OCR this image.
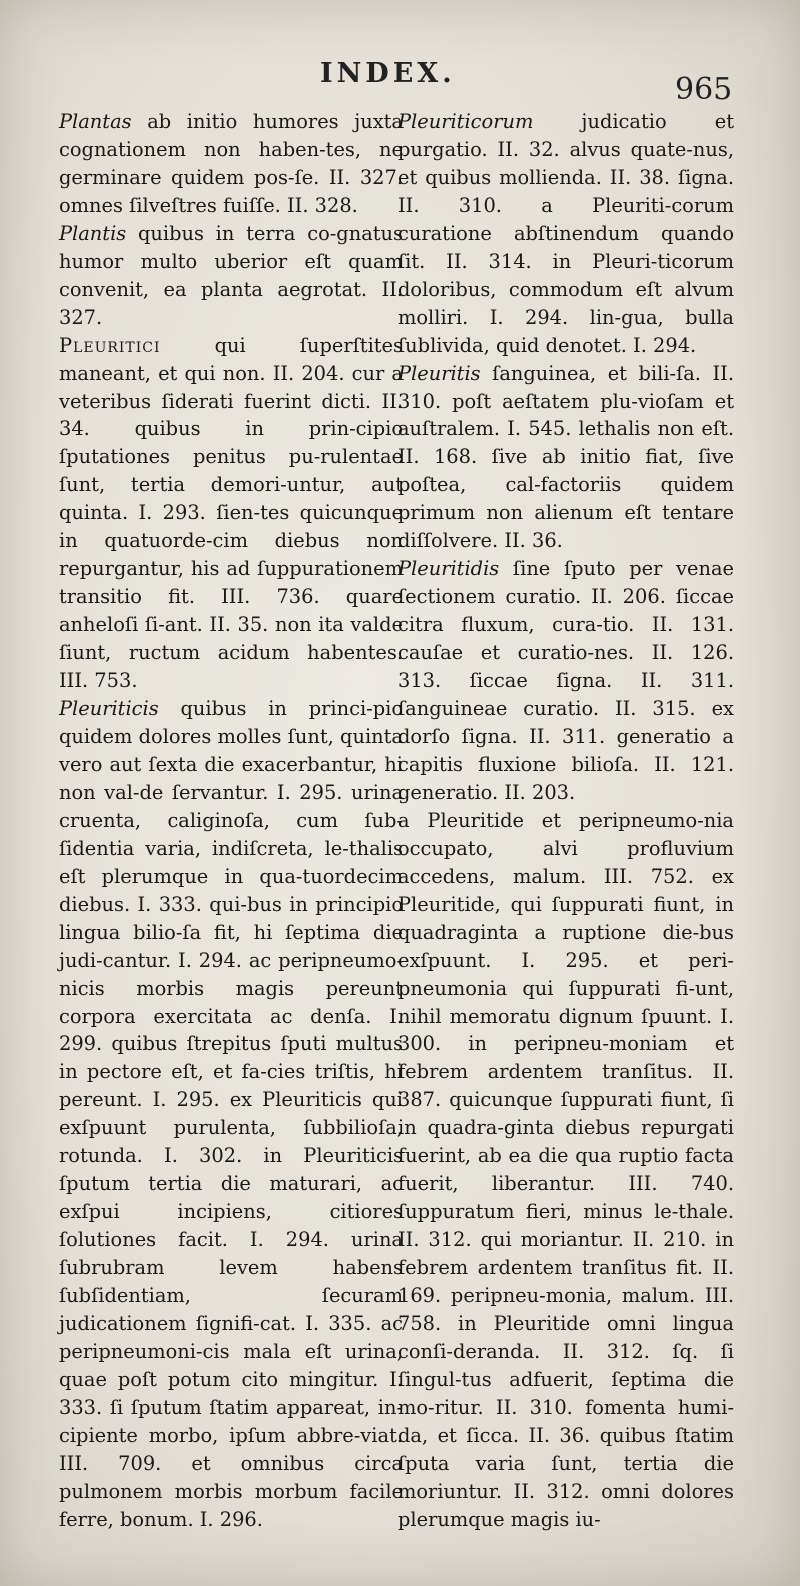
INDEX.	965

Plantas ab initio humores juxta cognationem non haben-tes, ne germinare quidem pos-ſe. II. 327. omnes ſilveſtres fuiſſe. II. 328.

Plantis quibus in terra co-gnatus humor multo uberior eſt quam convenit, ea planta aegrotat. II. 327.

Pleuritici qui ſuperſtites maneant, et qui non. II. 204. cur a veteribus ſiderati fuerint dicti. II. 34. quibus in prin-cipio ſputationes penitus pu-rulentae ſunt, tertia demori-untur, aut quinta. I. 293. ſien-tes quicunque in quatuorde-cim diebus non repurgantur, his ad ſuppurationem transitio fit. III. 736. quare anheloſi ſi-ant. II. 35. non ita valde ſiunt, ructum acidum habentes. III. 753.

Pleuriticis quibus in princi-pio quidem dolores molles ſunt, quinta vero aut ſexta die exacerbantur, hi non val-de ſervantur. I. 295. urina cruenta, caliginoſa, cum ſub-ſidentia varia, indiſcreta, le-thalis eſt plerumque in qua-tuordecim diebus. I. 333. qui-bus in principio lingua bilio-ſa fit, hi ſeptima die judi-cantur. I. 294. ac peripneumo-nicis morbis magis pereunt corpora exercitata ac denſa. I. 299. quibus ſtrepitus ſputi multus in pectore eſt, et fa-cies triſtis, hi pereunt. I. 295. ex Pleuriticis qui exſpuunt purulenta, ſubbilioſa, rotunda. I. 302. in Pleuriticis ſputum tertia die maturari, ac exſpui incipiens, citiores ſolutiones facit. I. 294. urina ſubrubram levem habens ſubſidentiam, ſecuram judicationem ſignifi-cat. I. 335. ac peripneumoni-cis mala eſt urina, quae poſt potum cito mingitur. I. 333. ſi ſputum ſtatim appareat, in-cipiente morbo, ipſum abbre-viat. III. 709. et omnibus circa pulmonem morbis morbum facile ferre, bonum. I. 296.

Pleuriticorum judicatio et purgatio. II. 32. alvus quate-nus, et quibus mollienda. II. 38. ſigna. II. 310. a Pleuriti-corum curatione abſtinendum quando ſit. II. 314. in Pleuri-ticorum doloribus, commodum eſt alvum molliri. I. 294. lin-gua, bulla ſublivida, quid denotet. I. 294.

Pleuritis ſanguinea, et bili-ſa. II. 310. poſt aeſtatem plu-vioſam et auſtralem. I. 545. lethalis non eſt. II. 168. ſive ab initio fiat, ſive poſtea, cal-factoriis quidem primum non alienum eſt tentare diſſolvere. II. 36.

Pleuritidis ſine ſputo per venae ſectionem curatio. II. 206. ſiccae citra fluxum, cura-tio. II. 131. cauſae et curatio-nes. II. 126. 313. ſiccae ſigna. II. 311. ſanguineae curatio. II. 315. ex dorſo ſigna. II. 311. generatio a capitis fluxione bilioſa. II. 121. generatio. II. 203.

a Pleuritide et peripneumo-nia occupato, alvi profluvium accedens, malum. III. 752. ex Pleuritide, qui ſuppurati fiunt, in quadraginta a ruptione die-bus exſpuunt. I. 295. et peri-pneumonia qui ſuppurati fi-unt, nihil memoratu dignum ſpuunt. I. 300. in peripneu-moniam et febrem ardentem tranſitus. II. 387. quicunque ſuppurati fiunt, ſi in quadra-ginta diebus repurgati fuerint, ab ea die qua ruptio facta fuerit, liberantur. III. 740. ſuppuratum fieri, minus le-thale. II. 312. qui moriantur. II. 210. in febrem ardentem tranſitus fit. II. 169. peripneu-monia, malum. III. 758. in Pleuritide omni lingua conſi-deranda. II. 312. ſq. ſi ſingul-tus adfuerit, ſeptima die mo-ritur. II. 310. fomenta humi-da, et ſicca. II. 36. quibus ſtatim ſputa varia ſunt, tertia die moriuntur. II. 312. omni dolores plerumque magis iu-
